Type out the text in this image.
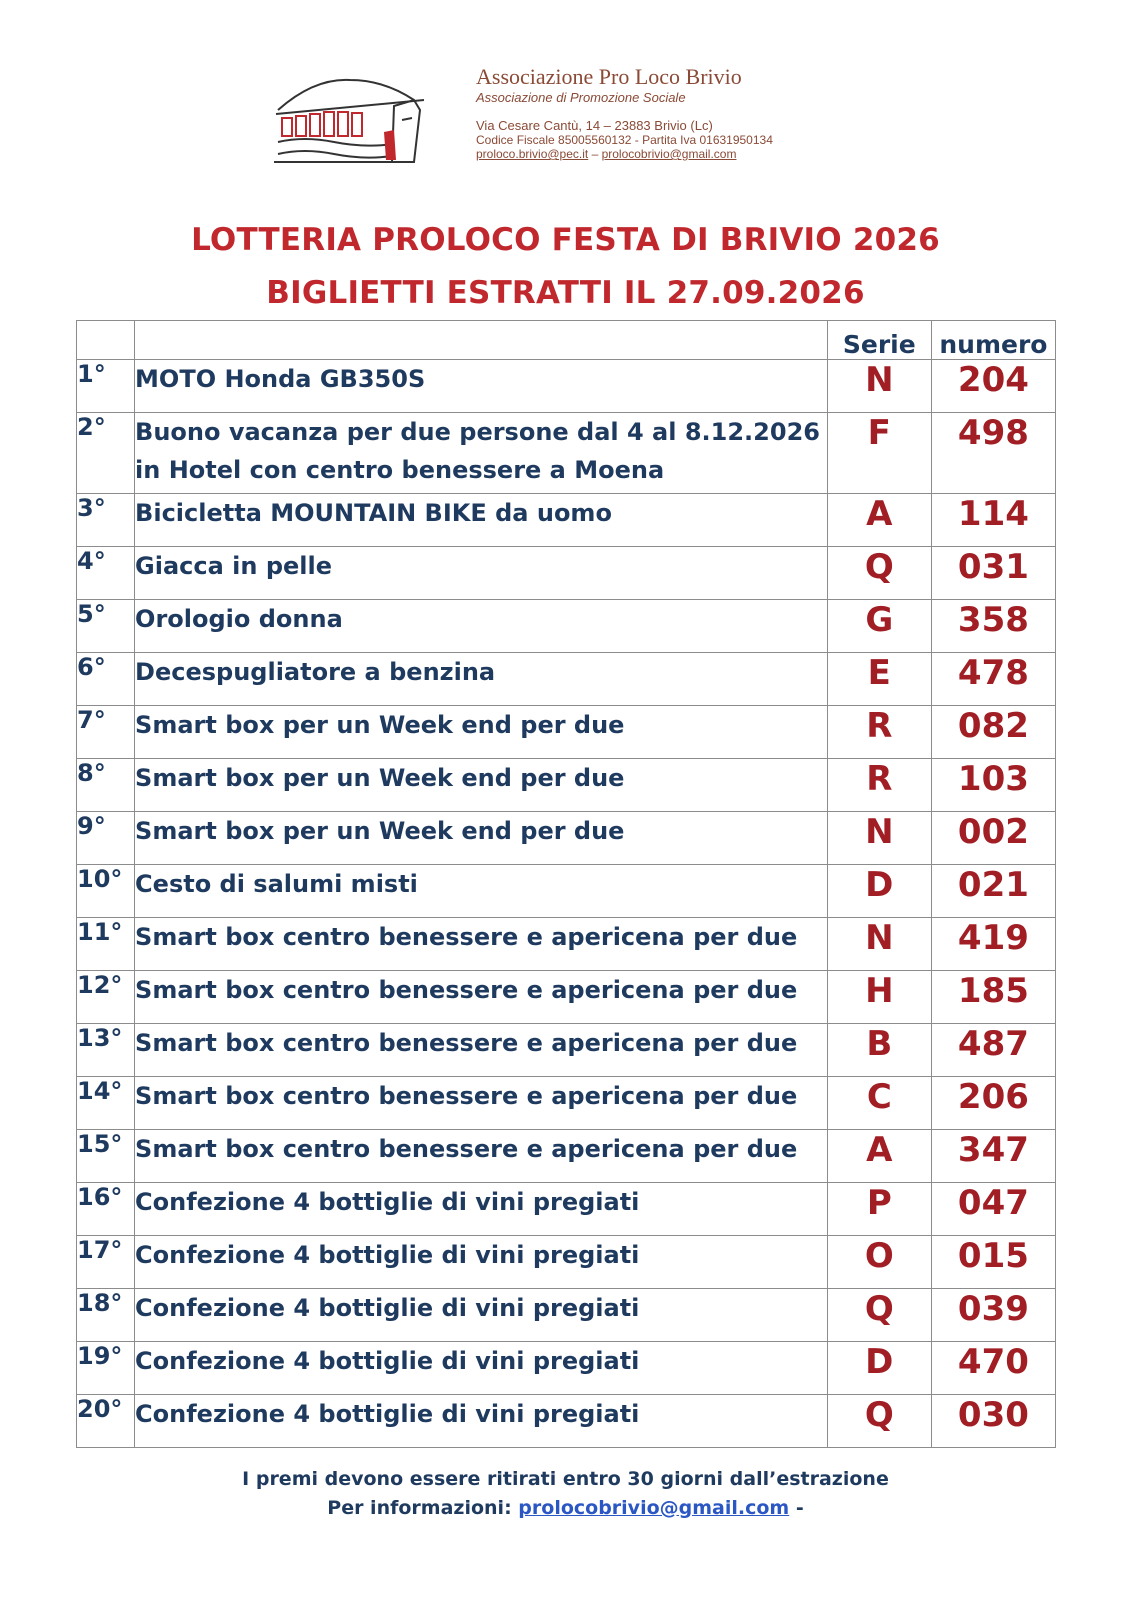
Associazione Pro Loco Brivio
Associazione di Promozione Sociale
Via Cesare Cantù, 14 – 23883 Brivio (Lc)
Codice Fiscale 85005560132 - Partita Iva 01631950134
proloco.brivio@pec.it – prolocobrivio@gmail.com
LOTTERIA PROLOCO FESTA DI BRIVIO 2026
BIGLIETTI ESTRATTI IL 27.09.2026
		Serie	numero
1°	MOTO Honda GB350S	N	204
2°	Buono vacanza per due persone dal 4 al 8.12.2026
in Hotel con centro benessere a Moena	F	498
3°	Bicicletta MOUNTAIN BIKE da uomo	A	114
4°	Giacca in pelle	Q	031
5°	Orologio donna	G	358
6°	Decespugliatore a benzina	E	478
7°	Smart box per un Week end per due	R	082
8°	Smart box per un Week end per due	R	103
9°	Smart box per un Week end per due	N	002
10°	Cesto di salumi misti	D	021
11°	Smart box centro benessere e apericena per due	N	419
12°	Smart box centro benessere e apericena per due	H	185
13°	Smart box centro benessere e apericena per due	B	487
14°	Smart box centro benessere e apericena per due	C	206
15°	Smart box centro benessere e apericena per due	A	347
16°	Confezione 4 bottiglie di vini pregiati	P	047
17°	Confezione 4 bottiglie di vini pregiati	O	015
18°	Confezione 4 bottiglie di vini pregiati	Q	039
19°	Confezione 4 bottiglie di vini pregiati	D	470
20°	Confezione 4 bottiglie di vini pregiati	Q	030
I premi devono essere ritirati entro 30 giorni dall’estrazione
Per informazioni: prolocobrivio@gmail.com -
